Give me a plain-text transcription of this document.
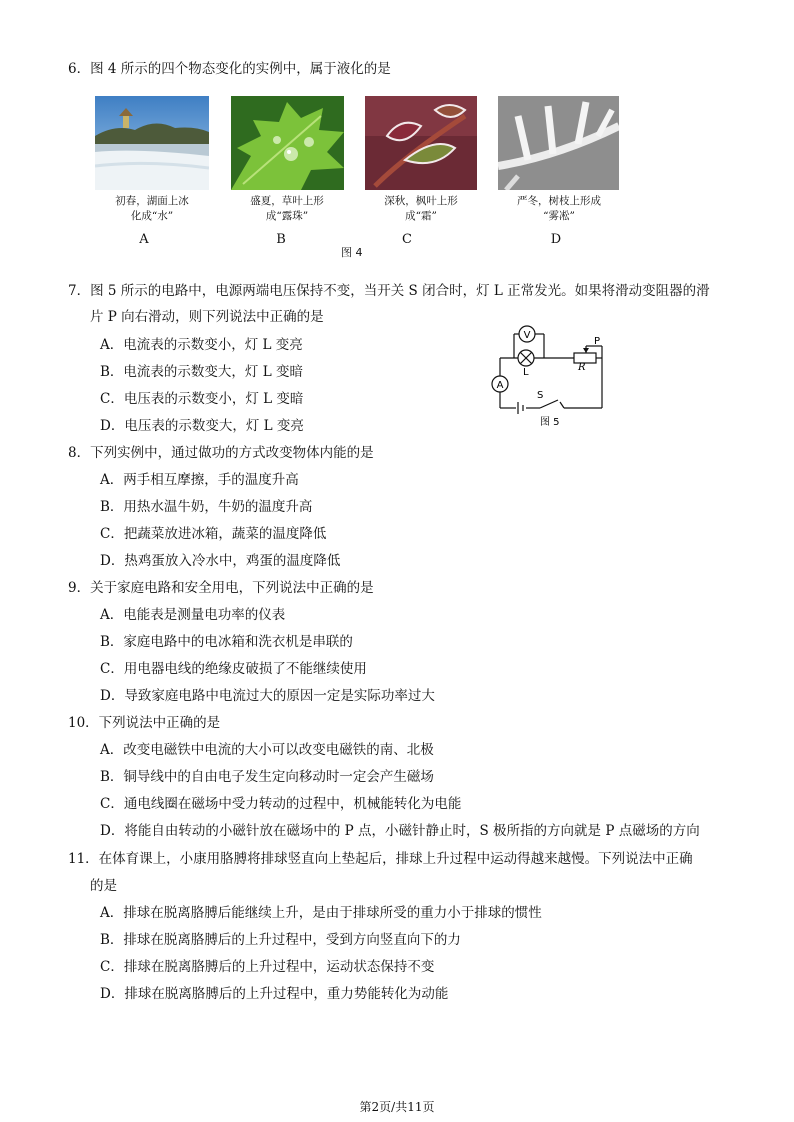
6．图 4 所示的四个物态变化的实例中，属于液化的是
初春，湖面上冰
化成“水”
盛夏，草叶上形
成“露珠”
深秋，枫叶上形
成“霜”
严冬，树枝上形成
“雾凇”
A	B	C	D
图 4
7．图 5 所示的电路中，电源两端电压保持不变，当开关 S 闭合时，灯 L 正常发光。如果将滑动变阻器的滑
片 P 向右滑动，则下列说法中正确的是
A．电流表的示数变小，灯 L 变亮
B．电流表的示数变大，灯 L 变暗
C．电压表的示数变小，灯 L 变暗
D．电压表的示数变大，灯 L 变亮
V
A
L
P
R
S
图 5
8．下列实例中，通过做功的方式改变物体内能的是
A．两手相互摩擦，手的温度升高
B．用热水温牛奶，牛奶的温度升高
C．把蔬菜放进冰箱，蔬菜的温度降低
D．热鸡蛋放入冷水中，鸡蛋的温度降低
9．关于家庭电路和安全用电，下列说法中正确的是
A．电能表是测量电功率的仪表
B．家庭电路中的电冰箱和洗衣机是串联的
C．用电器电线的绝缘皮破损了不能继续使用
D．导致家庭电路中电流过大的原因一定是实际功率过大
10．下列说法中正确的是
A．改变电磁铁中电流的大小可以改变电磁铁的南、北极
B．铜导线中的自由电子发生定向移动时一定会产生磁场
C．通电线圈在磁场中受力转动的过程中，机械能转化为电能
D．将能自由转动的小磁针放在磁场中的 P 点，小磁针静止时，S 极所指的方向就是 P 点磁场的方向
11．在体育课上，小康用胳膊将排球竖直向上垫起后，排球上升过程中运动得越来越慢。下列说法中正确
的是
A．排球在脱离胳膊后能继续上升，是由于排球所受的重力小于排球的惯性
B．排球在脱离胳膊后的上升过程中，受到方向竖直向下的力
C．排球在脱离胳膊后的上升过程中，运动状态保持不变
D．排球在脱离胳膊后的上升过程中，重力势能转化为动能
第2页/共11页
